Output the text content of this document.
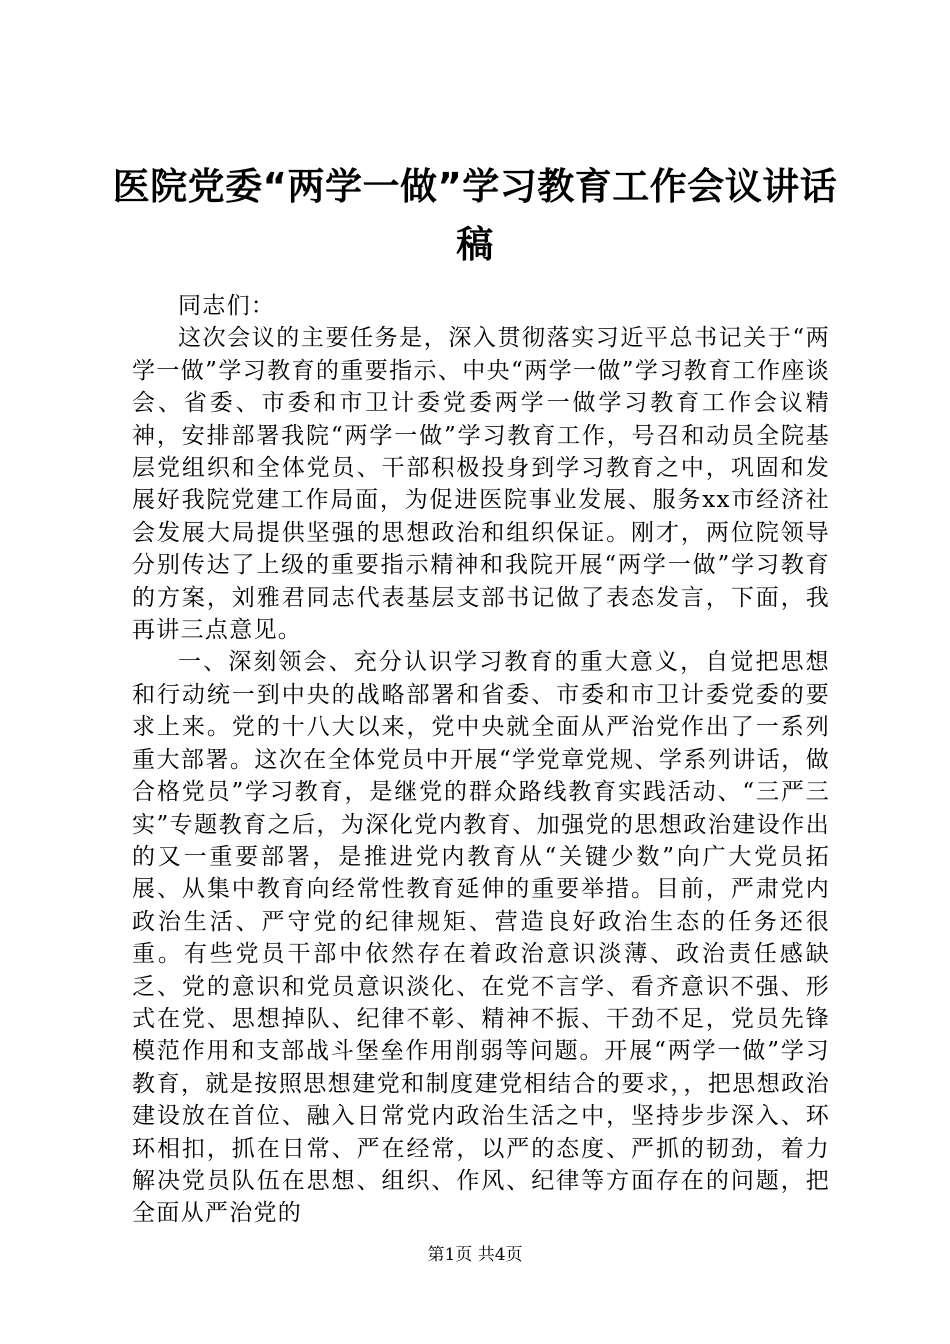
医院党委“两学一做”学习教育工作会议讲话稿

同志们：

这次会议的主要任务是，深入贯彻落实习近平总书记关于“两学一做”学习教育的重要指示、中央“两学一做”学习教育工作座谈会、省委、市委和市卫计委党委两学一做学习教育工作会议精神，安排部署我院“两学一做”学习教育工作，号召和动员全院基层党组织和全体党员、干部积极投身到学习教育之中，巩固和发展好我院党建工作局面，为促进医院事业发展、服务xx市经济社会发展大局提供坚强的思想政治和组织保证。刚才，两位院领导分别传达了上级的重要指示精神和我院开展“两学一做”学习教育的方案，刘雅君同志代表基层支部书记做了表态发言，下面，我再讲三点意见。

一、深刻领会、充分认识学习教育的重大意义，自觉把思想和行动统一到中央的战略部署和省委、市委和市卫计委党委的要求上来。党的十八大以来，党中央就全面从严治党作出了一系列重大部署。这次在全体党员中开展“学党章党规、学系列讲话，做合格党员”学习教育，是继党的群众路线教育实践活动、“三严三实”专题教育之后，为深化党内教育、加强党的思想政治建设作出的又一重要部署，是推进党内教育从“关键少数”向广大党员拓展、从集中教育向经常性教育延伸的重要举措。目前，严肃党内政治生活、严守党的纪律规矩、营造良好政治生态的任务还很重。有些党员干部中依然存在着政治意识淡薄、政治责任感缺乏、党的意识和党员意识淡化、在党不言学、看齐意识不强、形式在党、思想掉队、纪律不彰、精神不振、干劲不足，党员先锋模范作用和支部战斗堡垒作用削弱等问题。开展“两学一做”学习教育，就是按照思想建党和制度建党相结合的要求，，把思想政治建设放在首位、融入日常党内政治生活之中，坚持步步深入、环环相扣，抓在日常、严在经常，以严的态度、严抓的韧劲，着力解决党员队伍在思想、组织、作风、纪律等方面存在的问题，把全面从严治党的

第1页 共4页
